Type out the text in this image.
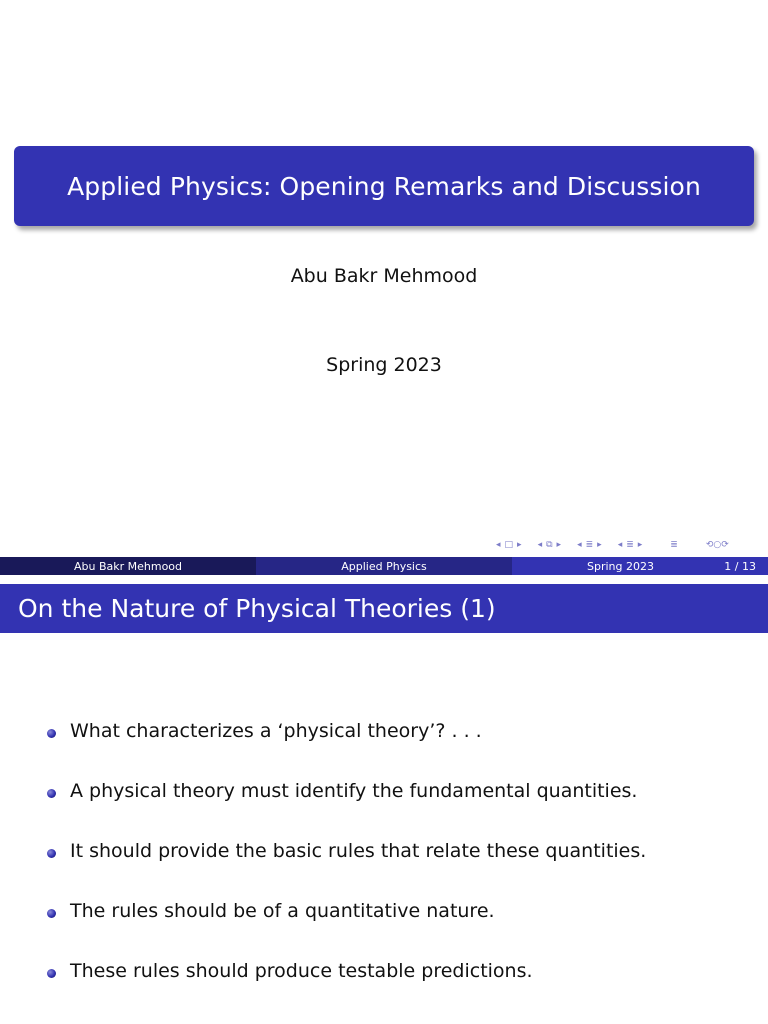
Applied Physics: Opening Remarks and Discussion
Abu Bakr Mehmood
Spring 2023
◂ □ ▸ ◂ ⧉ ▸ ◂ ≣ ▸ ◂ ≣ ▸	≣	⟲○⟳
Abu Bakr Mehmood	Applied Physics	Spring 2023	1 / 13
On the Nature of Physical Theories (1)
What characterizes a ‘physical theory’? . . .
A physical theory must identify the fundamental quantities.
It should provide the basic rules that relate these quantities.
The rules should be of a quantitative nature.
These rules should produce testable predictions.
